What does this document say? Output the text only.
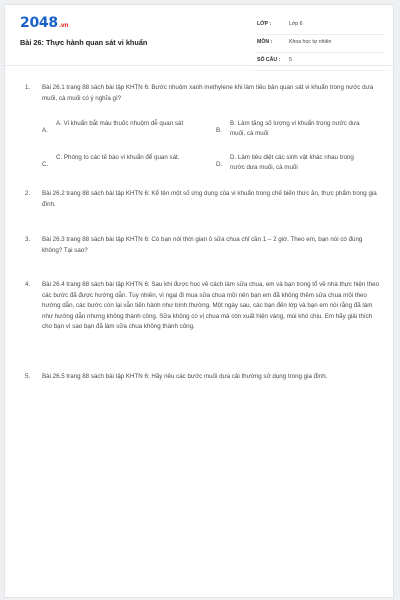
2048.vn
Bài 26: Thực hành quan sát vi khuẩn
LỚP :	Lớp 6
MÔN :	Khoa học tự nhiên
SỐ CÂU : 5
1. Bài 26.1 trang 88 sách bài tập KHTN 6: Bước nhuộm xanh methylene khi làm tiêu bản quan sát vi khuẩn trong nước dưa muối, cà muối có ý nghĩa gì?

A.

A. Vi khuẩn bắt màu thuốc nhuộm dễ quan sát

B.

B. Làm tăng số lượng vi khuẩn trong nước dưa muối, cà muối

C.

C. Phóng to các tế bào vi khuẩn để quan sát.

D.

D. Làm tiêu diệt các sinh vật khác nhau trong nước dưa muối, cà muối

2. Bài 26.2 trang 88 sách bài tập KHTN 6: Kể tên một số ứng dụng của vi khuẩn trong chế biến thức ăn, thực phẩm trong gia đình.

3. Bài 26.3 trang 88 sách bài tập KHTN 6: Có bạn nói thời gian ủ sữa chua chỉ cần 1 – 2 giờ. Theo em, bạn nói có đúng không? Tại sao?

4. Bài 26.4 trang 88 sách bài tập KHTN 6: Sau khi được học về cách làm sữa chua, em và bạn trong tổ về nhà thực hiện theo các bước đã được hướng dẫn. Tuy nhiên, vì ngại đi mua sữa chua mồi nên bạn em đã không thêm sữa chua mồi theo hướng dẫn, các bước còn lại vẫn tiến hành như bình thường. Một ngày sau, các bạn đến lớp và bạn em nói rằng đã làm như hướng dẫn nhưng không thành công. Sữa không có vị chua mà còn xuất hiện váng, mùi khó chịu. Em hãy giải thích cho bạn vì sao bạn đã làm sữa chua không thành công.

5. Bài 26.5 trang 88 sách bài tập KHTN 6: Hãy nêu các bước muối dưa cải thường sử dụng trong gia đình.
